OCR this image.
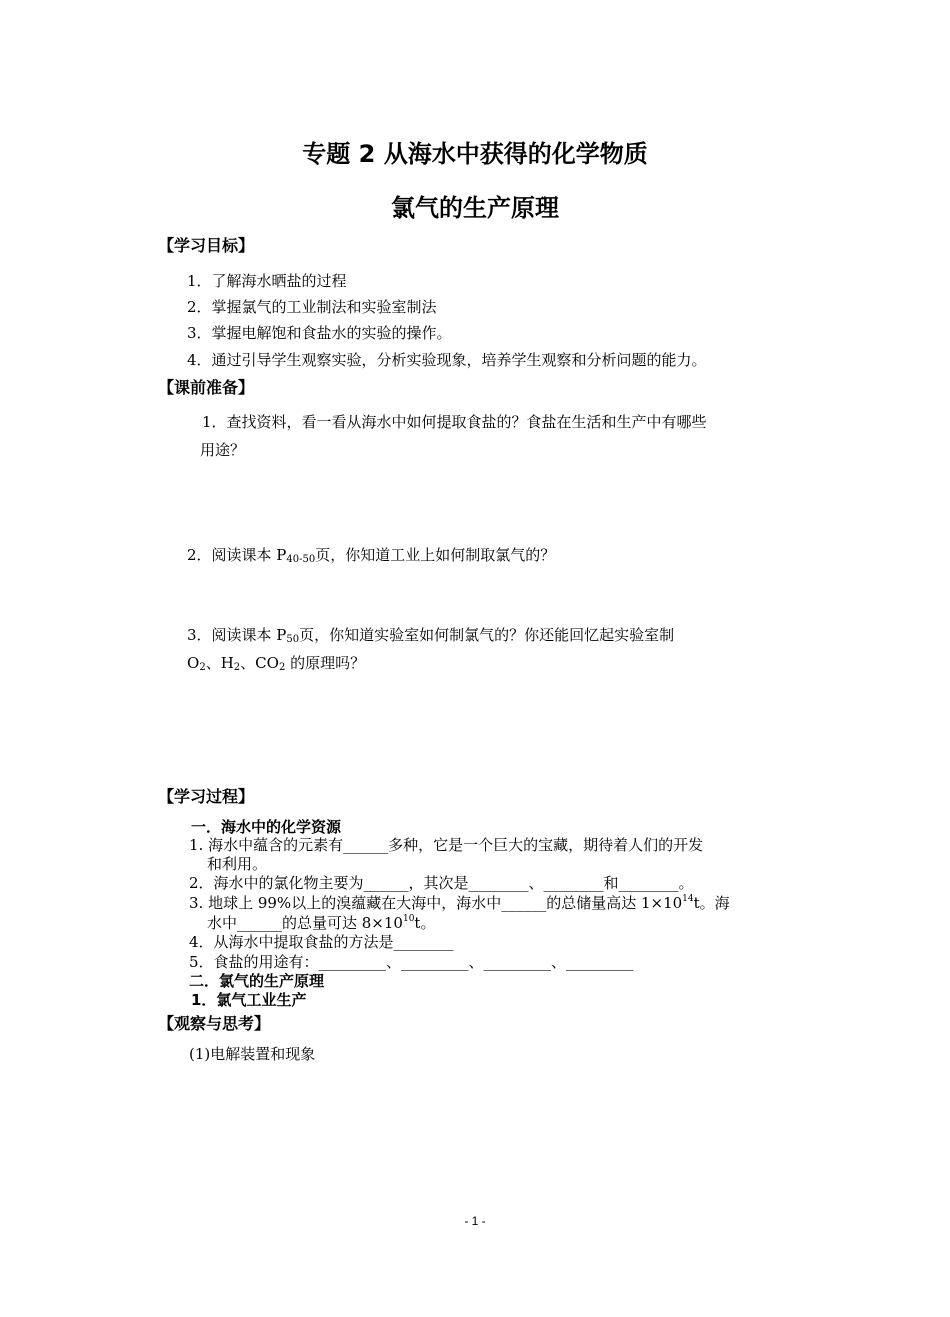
专题 2 从海水中获得的化学物质
氯气的生产原理
【学习目标】
1．了解海水晒盐的过程
2．掌握氯气的工业制法和实验室制法
3．掌握电解饱和食盐水的实验的操作。
4．通过引导学生观察实验，分析实验现象，培养学生观察和分析问题的能力。
【课前准备】
1．查找资料，看一看从海水中如何提取食盐的？食盐在生活和生产中有哪些
用途？
2．阅读课本 $P_{40-50}$页，你知道工业上如何制取氯气的？
3．阅读课本 $P_{50}$页，你知道实验室如何制氯气的？你还能回忆起实验室制
$O_2$、$H_2$、$CO_2$ 的原理吗？
【学习过程】
一．海水中的化学资源
1. 海水中蕴含的元素有______多种，它是一个巨大的宝藏，期待着人们的开发
和利用。
2．海水中的氯化物主要为______，其次是________、________和________。
3. 地球上 99%以上的溴蕴藏在大海中，海水中______的总储量高达 $1\times 10^{14}t$。海
水中______的总量可达 $8\times 10^{10}t$。
4．从海水中提取食盐的方法是________
5．食盐的用途有：_________、_________、_________、_________
二．氯气的生产原理
1．氯气工业生产
【观察与思考】
(1)电解装置和现象
- 1 -
